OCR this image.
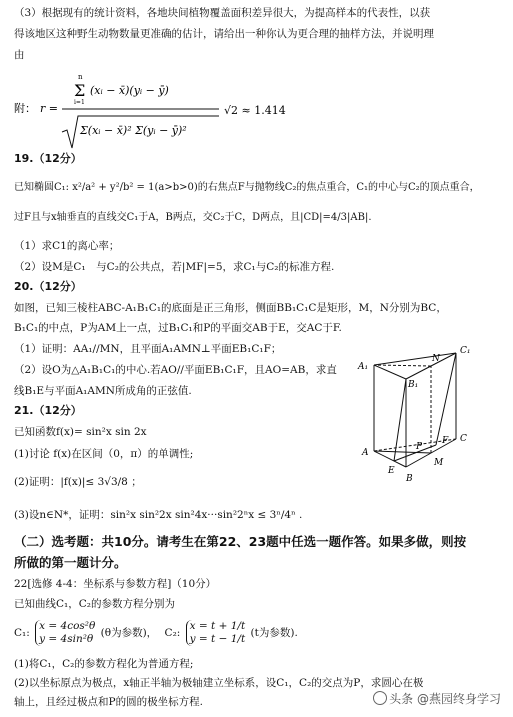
（3）根据现有的统计资料，各地块间植物覆盖面积差异很大，为提高样本的代表性，以获
得该地区这种野生动物数量更准确的估计，请给出一种你认为更合理的抽样方法，并说明理
由
附： r =
n
Σ
i=1
(xᵢ − x̄)(yᵢ − ȳ)
Σ(xᵢ − x̄)² Σ(yᵢ − ȳ)²
√2 ≈ 1.414
19.（12分）
已知椭圆C₁: x²/a² + y²/b² = 1(a>b>0)的右焦点F与抛物线C₂的焦点重合，C₁的中心与C₂的顶点重合，
过F且与x轴垂直的直线交C₁于A，B两点，交C₂于C，D两点，且|CD|=4/3|AB|.
（1）求C1的离心率；
（2）设M是C₁　与C₂的公共点，若|MF|=5，求C₁与C₂的标准方程.
20.（12分）
如图，已知三棱柱ABC-A₁B₁C₁的底面是正三角形，侧面BB₁C₁C是矩形，M，N分别为BC，
B₁C₁的中点，P为AM上一点，过B₁C₁和P的平面交AB于E，交AC于F.
（1）证明：AA₁//MN，且平面A₁AMN⊥平面EB₁C₁F；
（2）设O为△A₁B₁C₁的中心.若AO//平面EB₁C₁F，且AO=AB，求直
线B₁E与平面A₁AMN所成角的正弦值.
A₁
N
C₁
B₁
F C
A
P
E
M
B
21.（12分）
已知函数f(x)= sin²x sin 2x
(1)讨论 f(x)在区间（0，π）的单调性;
(2)证明：|f(x)|≤ 3√3/8 ；
(3)设n∈N*，证明：sin²x sin²2x sin²4x···sin²2ⁿx ≤ 3ⁿ/4ⁿ .
（二）选考题：共10分。请考生在第22、23题中任选一题作答。如果多做，则按
所做的第一题计分。
22[选修 4-4：坐标系与参数方程]（10分）
已知曲线C₁，C₂的参数方程分别为
C₁:
x = 4cos²θ
y = 4sin²θ (θ为参数)， C₂:
x = t + 1/t
y = t − 1/t (t为参数).
(1)将C₁，C₂的参数方程化为普通方程;
(2)以坐标原点为极点，x轴正半轴为极轴建立坐标系，设C₁，C₂的交点为P，求圆心在极
轴上，且经过极点和P的圆的极坐标方程.	头条 @燕园终身学习
